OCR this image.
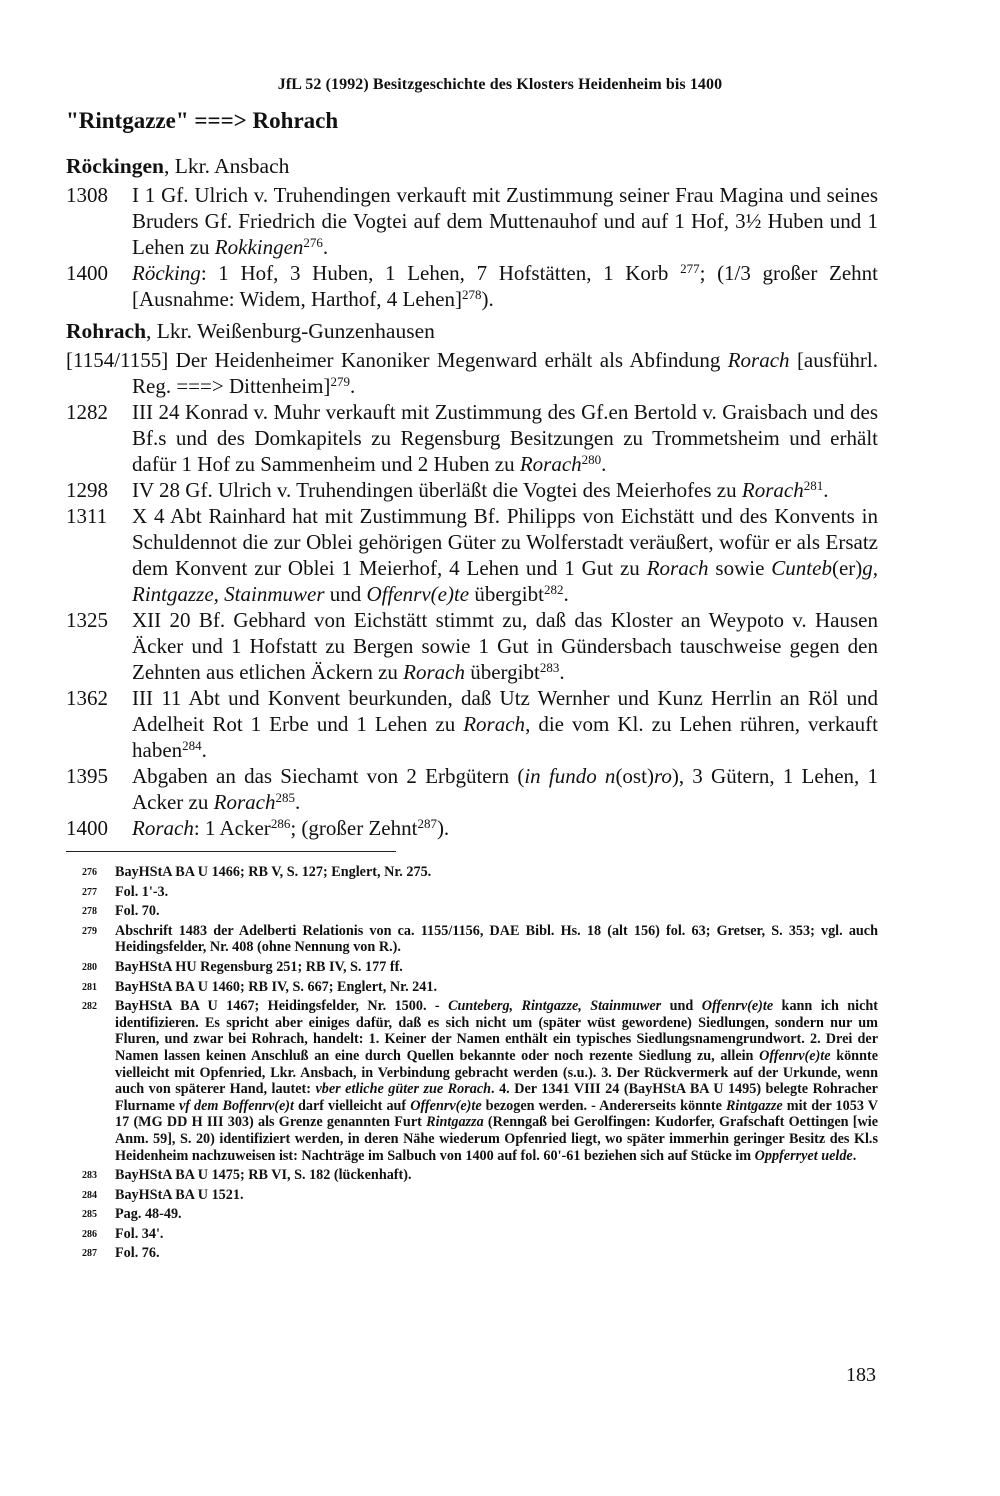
JfL 52 (1992) Besitzgeschichte des Klosters Heidenheim bis 1400
"Rintgazze" ===> Rohrach
Röckingen, Lkr. Ansbach

1308 I 1 Gf. Ulrich v. Truhendingen verkauft mit Zustimmung seiner Frau Magina und seines Bruders Gf. Friedrich die Vogtei auf dem Muttenauhof und auf 1 Hof, 3½ Huben und 1 Lehen zu Rokkingen$^{276}$.

1400 Röcking: 1 Hof, 3 Huben, 1 Lehen, 7 Hofstätten, 1 Korb $^{277}$; (1/3 großer Zehnt [Ausnahme: Widem, Harthof, 4 Lehen]$^{278}$).

Rohrach, Lkr. Weißenburg-Gunzenhausen

[1154/1155] Der Heidenheimer Kanoniker Megenward erhält als Abfindung Rorach [ausführl. Reg. ===> Dittenheim]$^{279}$.

1282 III 24 Konrad v. Muhr verkauft mit Zustimmung des Gf.en Bertold v. Graisbach und des Bf.s und des Domkapitels zu Regensburg Besitzungen zu Trommetsheim und erhält dafür 1 Hof zu Sammenheim und 2 Huben zu Rorach$^{280}$.

1298 IV 28 Gf. Ulrich v. Truhendingen überläßt die Vogtei des Meierhofes zu Rorach$^{281}$.

1311 X 4 Abt Rainhard hat mit Zustimmung Bf. Philipps von Eichstätt und des Konvents in Schuldennot die zur Oblei gehörigen Güter zu Wolferstadt veräußert, wofür er als Ersatz dem Konvent zur Oblei 1 Meierhof, 4 Lehen und 1 Gut zu Rorach sowie Cunteb(er)g, Rintgazze, Stainmuwer und Offenrv(e)te übergibt$^{282}$.

1325 XII 20 Bf. Gebhard von Eichstätt stimmt zu, daß das Kloster an Weypoto v. Hausen Äcker und 1 Hofstatt zu Bergen sowie 1 Gut in Gündersbach tauschweise gegen den Zehnten aus etlichen Äckern zu Rorach übergibt$^{283}$.

1362 III 11 Abt und Konvent beurkunden, daß Utz Wernher und Kunz Herrlin an Röl und Adelheit Rot 1 Erbe und 1 Lehen zu Rorach, die vom Kl. zu Lehen rühren, verkauft haben$^{284}$.

1395 Abgaben an das Siechamt von 2 Erbgütern (in fundo n(ost)ro), 3 Gütern, 1 Lehen, 1 Acker zu Rorach$^{285}$.

1400 Rorach: 1 Acker$^{286}$; (großer Zehnt$^{287}$).

276 BayHStA BA U 1466; RB V, S. 127; Englert, Nr. 275.

277 Fol. 1'-3.

278 Fol. 70.

279 Abschrift 1483 der Adelberti Relationis von ca. 1155/1156, DAE Bibl. Hs. 18 (alt 156) fol. 63; Gretser, S. 353; vgl. auch Heidingsfelder, Nr. 408 (ohne Nennung von R.).

280 BayHStA HU Regensburg 251; RB IV, S. 177 ff.

281 BayHStA BA U 1460; RB IV, S. 667; Englert, Nr. 241.

282 BayHStA BA U 1467; Heidingsfelder, Nr. 1500. - Cunteberg, Rintgazze, Stainmuwer und Offenrv(e)te kann ich nicht identifizieren. Es spricht aber einiges dafür, daß es sich nicht um (später wüst gewordene) Siedlungen, sondern nur um Fluren, und zwar bei Rohrach, handelt: 1. Keiner der Namen enthält ein typisches Siedlungsnamengrundwort. 2. Drei der Namen lassen keinen Anschluß an eine durch Quellen bekannte oder noch rezente Siedlung zu, allein Offenrv(e)te könnte vielleicht mit Opfenried, Lkr. Ansbach, in Verbindung gebracht werden (s.u.). 3. Der Rückvermerk auf der Urkunde, wenn auch von späterer Hand, lautet: vber etliche güter zue Rorach. 4. Der 1341 VIII 24 (BayHStA BA U 1495) belegte Rohracher Flurname vf dem Boffenrv(e)t darf vielleicht auf Offenrv(e)te bezogen werden. - Andererseits könnte Rintgazze mit der 1053 V 17 (MG DD H III 303) als Grenze genannten Furt Rintgazza (Renngaß bei Gerolfingen: Kudorfer, Grafschaft Oettingen [wie Anm. 59], S. 20) identifiziert werden, in deren Nähe wiederum Opfenried liegt, wo später immerhin geringer Besitz des Kl.s Heidenheim nachzuweisen ist: Nachträge im Salbuch von 1400 auf fol. 60'-61 beziehen sich auf Stücke im Oppferryet uelde.

283 BayHStA BA U 1475; RB VI, S. 182 (lückenhaft).

284 BayHStA BA U 1521.

285 Pag. 48-49.

286 Fol. 34'.

287 Fol. 76.

183
